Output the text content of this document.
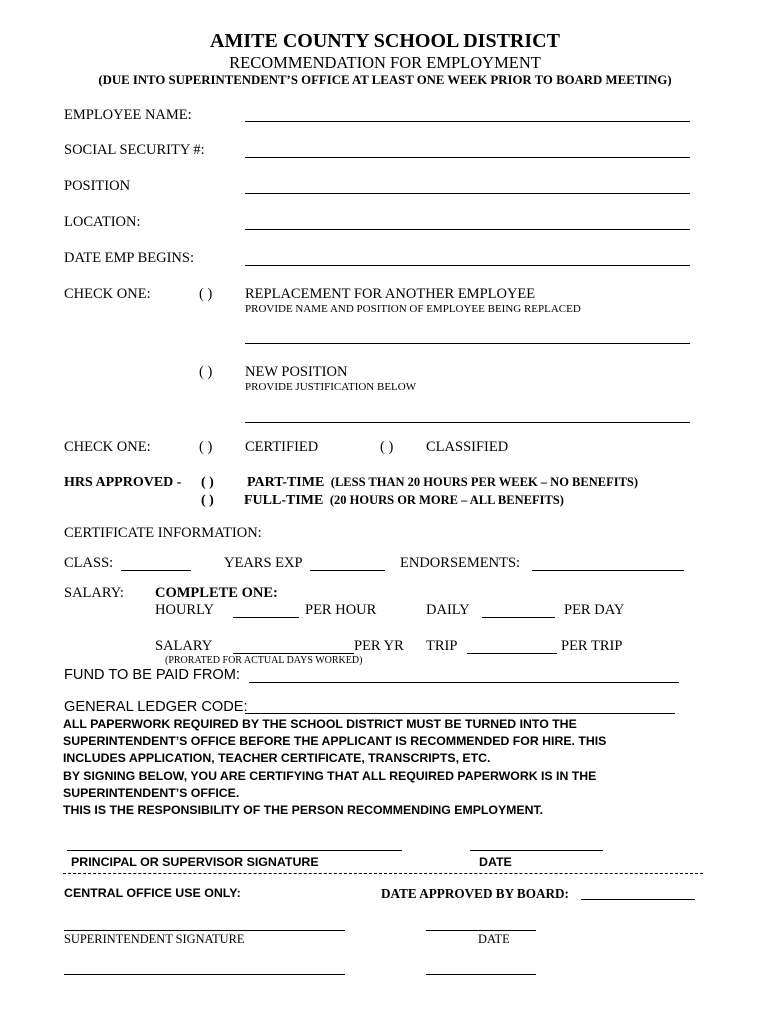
AMITE COUNTY SCHOOL DISTRICT
RECOMMENDATION FOR EMPLOYMENT
(DUE INTO SUPERINTENDENT’S OFFICE AT LEAST ONE WEEK PRIOR TO BOARD MEETING)
EMPLOYEE NAME:
SOCIAL SECURITY #:
POSITION
LOCATION:
DATE EMP BEGINS:
CHECK ONE:	( ) REPLACEMENT FOR ANOTHER EMPLOYEE
PROVIDE NAME AND POSITION OF EMPLOYEE BEING REPLACED
( ) NEW POSITION
PROVIDE JUSTIFICATION BELOW
CHECK ONE:	( ) CERTIFIED	( ) CLASSIFIED
HRS APPROVED - ( ) PART-TIME (LESS THAN 20 HOURS PER WEEK – NO BENEFITS)
( ) FULL-TIME (20 HOURS OR MORE – ALL BENEFITS)
CERTIFICATE INFORMATION:
CLASS:	YEARS EXP	ENDORSEMENTS:
SALARY: COMPLETE ONE:
HOURLY	PER HOUR	DAILY	PER DAY
SALARY	PER YR TRIP	PER TRIP
(PRORATED FOR ACTUAL DAYS WORKED)
FUND TO BE PAID FROM:
GENERAL LEDGER CODE:
ALL PAPERWORK REQUIRED BY THE SCHOOL DISTRICT MUST BE TURNED INTO THE
SUPERINTENDENT’S OFFICE BEFORE THE APPLICANT IS RECOMMENDED FOR HIRE. THIS
INCLUDES APPLICATION, TEACHER CERTIFICATE, TRANSCRIPTS, ETC.
BY SIGNING BELOW, YOU ARE CERTIFYING THAT ALL REQUIRED PAPERWORK IS IN THE
SUPERINTENDENT’S OFFICE.
THIS IS THE RESPONSIBILITY OF THE PERSON RECOMMENDING EMPLOYMENT.
PRINCIPAL OR SUPERVISOR SIGNATURE	DATE
CENTRAL OFFICE USE ONLY:	DATE APPROVED BY BOARD:
SUPERINTENDENT SIGNATURE	DATE
